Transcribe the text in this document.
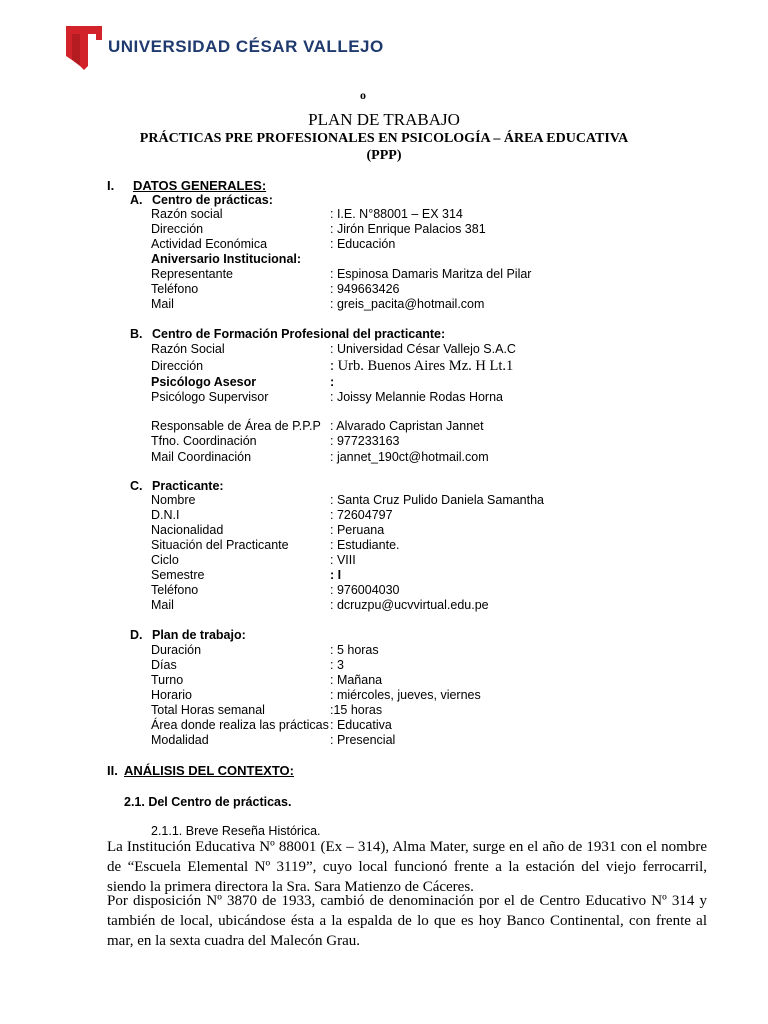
UNIVERSIDAD CÉSAR VALLEJO
o
PLAN DE TRABAJO
PRÁCTICAS PRE PROFESIONALES EN PSICOLOGÍA – ÁREA EDUCATIVA
(PPP)
I. DATOS GENERALES:
A. Centro de prácticas:
Razón social	: I.E. N°88001 – EX 314
Dirección	: Jirón Enrique Palacios 381
Actividad Económica	: Educación
Aniversario Institucional:
Representante	: Espinosa Damaris Maritza del Pilar
Teléfono	: 949663426
Mail	: greis_pacita@hotmail.com
B. Centro de Formación Profesional del practicante:
Razón Social	: Universidad César Vallejo S.A.C
Dirección	: Urb. Buenos Aires Mz. H Lt.1
Psicólogo Asesor	:
Psicólogo Supervisor	: Joissy Melannie Rodas Horna
Responsable de Área de P.P.P : Alvarado Capristan Jannet
Tfno. Coordinación	: 977233163
Mail Coordinación	: jannet_190ct@hotmail.com
C. Practicante:
Nombre	: Santa Cruz Pulido Daniela Samantha
D.N.I	: 72604797
Nacionalidad	: Peruana
Situación del Practicante	: Estudiante.
Ciclo	: VIII
Semestre	: I
Teléfono	: 976004030
Mail	: dcruzpu@ucvvirtual.edu.pe
D. Plan de trabajo:
Duración	: 5 horas
Días	: 3
Turno	: Mañana
Horario	: miércoles, jueves, viernes
Total Horas semanal	:15 horas
Área donde realiza las prácticas : Educativa
Modalidad	: Presencial
II. ANÁLISIS DEL CONTEXTO:
2.1. Del Centro de prácticas.
2.1.1. Breve Reseña Histórica.
La Institución Educativa Nº 88001 (Ex – 314), Alma Mater, surge en el año de 1931 con el nombre de “Escuela Elemental Nº 3119”, cuyo local funcionó frente a la estación del viejo ferrocarril, siendo la primera directora la Sra. Sara Matienzo de Cáceres.
Por disposición Nº 3870 de 1933, cambió de denominación por el de Centro Educativo Nº 314 y también de local, ubicándose ésta a la espalda de lo que es hoy Banco Continental, con frente al mar, en la sexta cuadra del Malecón Grau.
